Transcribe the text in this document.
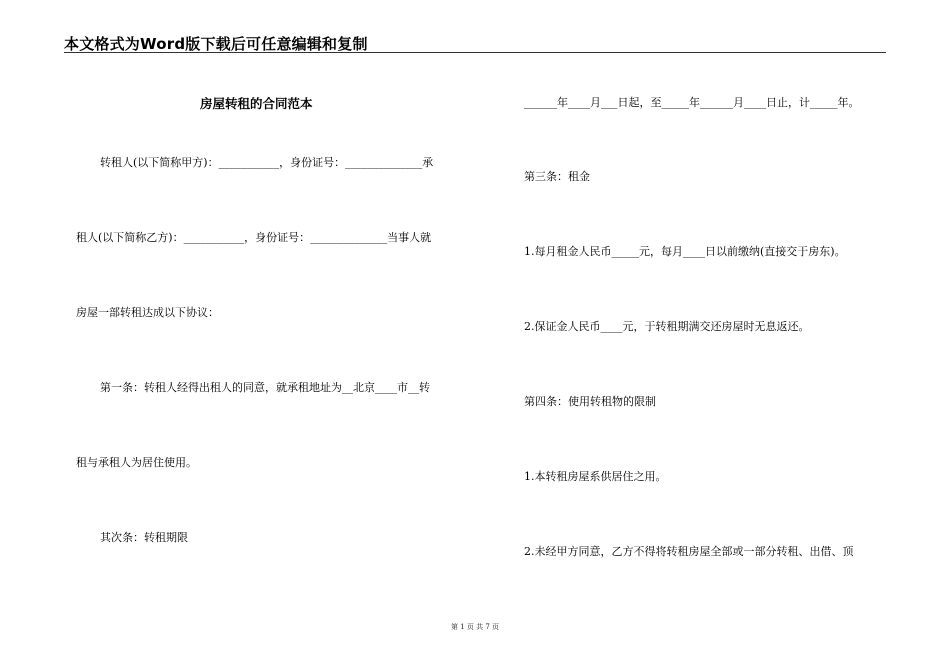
本文格式为Word版下载后可任意编辑和复制
房屋转租的合同范本
转租人(以下简称甲方)：___________，身份证号：______________承
租人(以下简称乙方)：___________，身份证号：______________当事人就
房屋一部转租达成以下协议：
第一条：转租人经得出租人的同意，就承租地址为__北京____市__转
租与承租人为居住使用。
其次条：转租期限
______年____月___日起，至_____年______月____日止，计_____年。
第三条：租金
1.每月租金人民币_____元，每月____日以前缴纳(直接交于房东)。
2.保证金人民币____元，于转租期满交还房屋时无息返还。
第四条：使用转租物的限制
1.本转租房屋系供居住之用。
2.未经甲方同意，乙方不得将转租房屋全部或一部分转租、出借、顶
第 1 页 共 7 页
